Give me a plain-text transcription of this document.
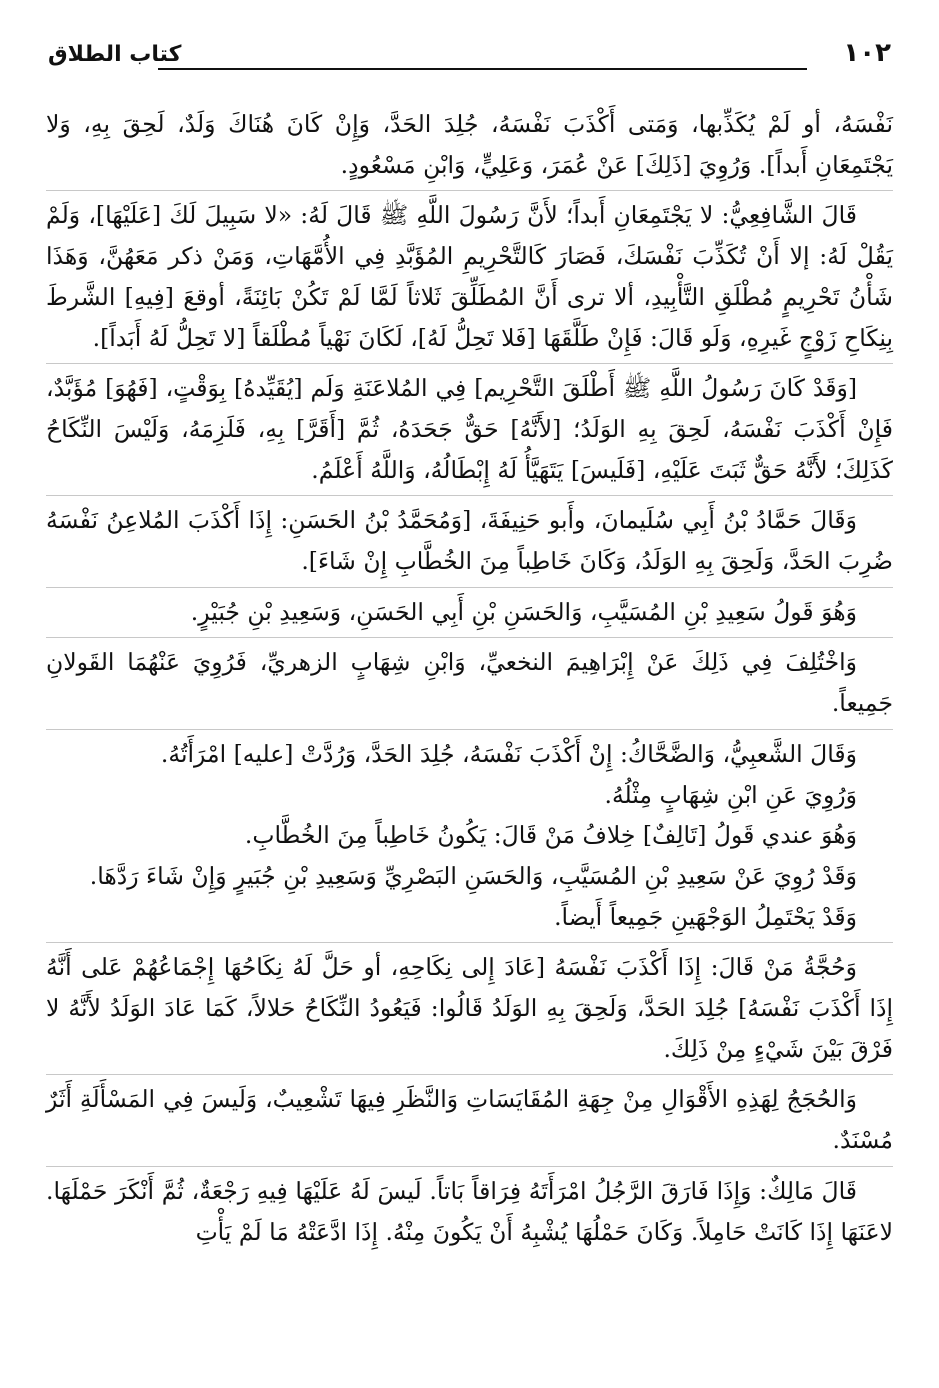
١٠٢
كتاب الطلاق

نَفْسَهُ، أو لَمْ يُكَذِّبها، وَمَتى أَكْذَبَ نَفْسَهُ، جُلِدَ الحَدَّ، وَإِنْ كَانَ هُنَاكَ وَلَدٌ، لَحِقَ بِهِ، وَلا يَجْتَمِعَانِ أَبداً]. وَرُوِيَ [ذَلِكَ] عَنْ عُمَرَ، وَعَلِيٍّ، وَابْنِ مَسْعُودٍ.

قَالَ الشَّافِعِيُّ: لا يَجْتَمِعَانِ أَبداً؛ لأَنَّ رَسُولَ اللَّهِ ﷺ قَالَ لَهُ: «لا سَبِيلَ لَكَ [عَلَيْهَا]، وَلَمْ يَقُلْ لَهُ: إلا أَنْ تُكَذِّبَ نَفْسَكَ، فَصَارَ كَالتَّحْرِيمِ المُؤَبَّدِ فِي الأُمَّهَاتِ، وَمَنْ ذكر مَعَهُنَّ، وَهَذَا شَأْنُ تَحْرِيمٍ مُطْلَقِ التَّأْبِيدِ، ألا ترى أَنَّ المُطَلِّقَ ثَلاثاً لَمَّا لَمْ تَكُنْ بَائِنَةً، أوقعَ [فِيهِ] الشَّرطَ بِنِكَاحِ زَوْجٍ غَيرِهِ، وَلَو قَالَ: فَإِنْ طَلَّقَهَا [فَلا تَحِلُّ لَهُ]، لَكَانَ نَهْياً مُطْلَقاً [لا تَحِلُّ لَهُ أَبَداً].

[وَقَدْ كَانَ رَسُولُ اللَّهِ ﷺ أَطْلَقَ التَّحْرِيم] فِي المُلاعَنَةِ وَلَم [يُقَيِّدهُ] بِوَقْتٍ، [فَهُوَ] مُؤَبَّدٌ، فَإِنْ أَكْذَبَ نَفْسَهُ، لَحِقَ بِهِ الوَلَدُ؛ [لأَنَّهُ] حَقٌّ جَحَدَهُ، ثُمَّ [أَقَرَّ] بِهِ، فَلَزِمَهُ، وَلَيْسَ النِّكَاحُ كَذَلِكَ؛ لأَنَّهُ حَقٌّ ثَبَتَ عَلَيْهِ، [فَلَيسَ] يَتَهَيَّأُ لَهُ إِبْطَالُهُ، وَاللَّهُ أَعْلَمُ.

وَقَالَ حَمَّادُ بْنُ أَبِي سُلَيمانَ، وأَبو حَنِيفَةَ، [وَمُحَمَّدُ بْنُ الحَسَنِ: إِذَا أَكْذَبَ المُلاعِنُ نَفْسَهُ ضُرِبَ الحَدَّ، وَلَحِقَ بِهِ الوَلَدُ، وَكَانَ خَاطِباً مِنَ الخُطَّابِ إِنْ شَاءَ].

وَهُوَ قَولُ سَعِيدِ بْنِ المُسَيَّبِ، وَالحَسَنِ بْنِ أَبِي الحَسَنِ، وَسَعِيدِ بْنِ جُبَيْرٍ.

وَاخْتُلِفَ فِي ذَلِكَ عَنْ إِبْرَاهِيمَ النخعيِّ، وَابْنِ شِهَابٍ الزهريِّ، فَرُوِيَ عَنْهُمَا القَولانِ جَمِيعاً.

وَقَالَ الشَّعبِيُّ، وَالضَّحَّاكُ: إِنْ أَكْذَبَ نَفْسَهُ، جُلِدَ الحَدَّ، وَرُدَّتْ [عليه] امْرَأَتُهُ.

وَرُوِيَ عَنِ ابْنِ شِهَابٍ مِثْلُهُ.

وَهُوَ عندي قَولُ [تَالِفٌ] خِلافُ مَنْ قَالَ: يَكُونُ خَاطِباً مِنَ الخُطَّابِ.

وَقَدْ رُوِيَ عَنْ سَعِيدِ بْنِ المُسَيَّبِ، وَالحَسَنِ البَصْرِيِّ وَسَعِيدِ بْنِ جُبَيرٍ وَإِنْ شَاءَ رَدَّهَا.

وَقَدْ يَحْتَمِلُ الوَجْهَينِ جَمِيعاً أَيضاً.

وَحُجَّةُ مَنْ قَالَ: إِذَا أَكْذَبَ نَفْسَهُ [عَادَ إِلى نِكَاحِهِ، أو حَلَّ لَهُ نِكَاحُهَا إِجْمَاعُهُمْ عَلى أَنَّهُ إِذَا أَكْذَبَ نَفْسَهُ] جُلِدَ الحَدَّ، وَلَحِقَ بِهِ الوَلَدُ قَالُوا: فَيَعُودُ النِّكَاحُ حَلالاً، كَمَا عَادَ الوَلَدُ لأَنَّهُ لا فَرْقَ بَيْنَ شَيْءٍ مِنْ ذَلِكَ.

وَالحُجَجُ لِهَذِهِ الأَقْوَالِ مِنْ جِهَةِ المُقَايَسَاتِ وَالنَّظَرِ فِيهَا تَشْعِيبٌ، وَلَيسَ فِي المَسْأَلَةِ أَثَرٌ مُسْنَدٌ.

قَالَ مَالِكٌ: وَإِذَا فَارَقَ الرَّجُلُ امْرَأَتَهُ فِرَاقاً بَاتاً. لَيسَ لَهُ عَلَيْهَا فِيهِ رَجْعَةٌ، ثُمَّ أَنْكَرَ حَمْلَهَا. لاعَنَهَا إِذَا كَانَتْ حَامِلاً. وَكَانَ حَمْلُهَا يُشْبِهُ أَنْ يَكُونَ مِنْهُ. إِذَا ادَّعَتْهُ مَا لَمْ يَأْتِ
